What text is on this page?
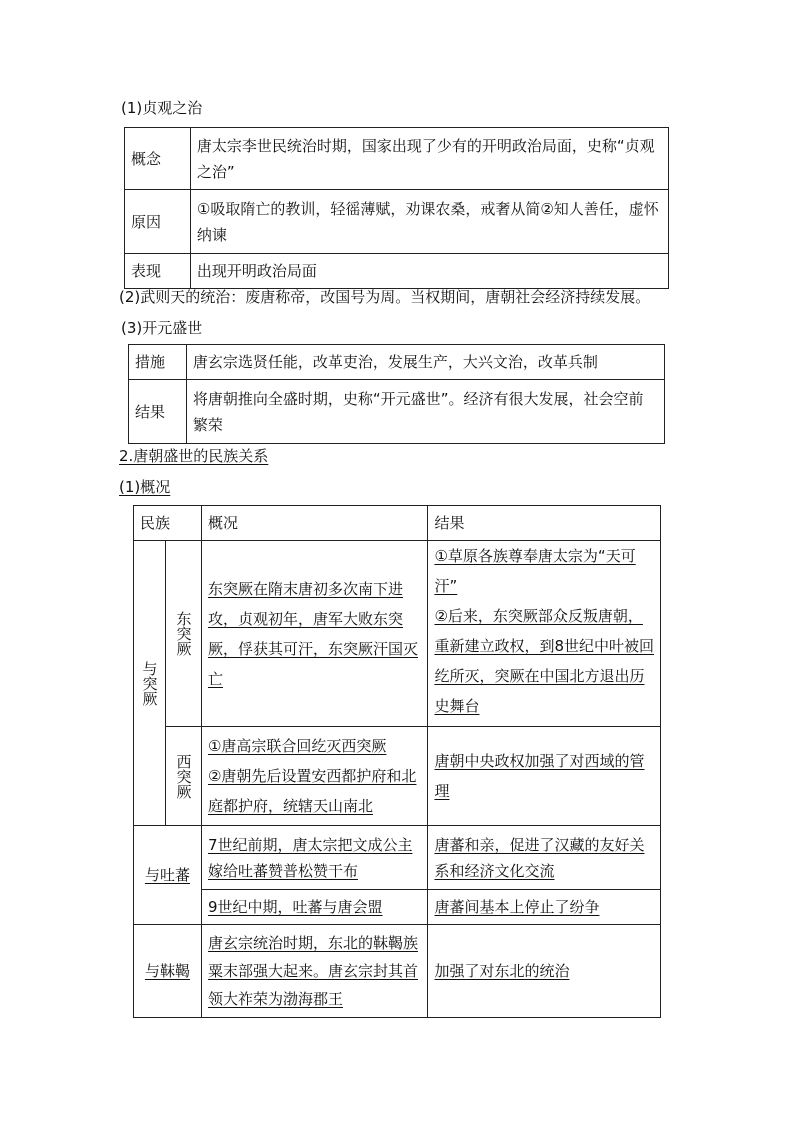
(1)贞观之治
概念	唐太宗李世民统治时期，国家出现了少有的开明政治局面，史称“贞观之治”
原因	①吸取隋亡的教训，轻徭薄赋，劝课农桑，戒奢从简②知人善任，虚怀纳谏
表现	出现开明政治局面
(2)武则天的统治：废唐称帝，改国号为周。当权期间，唐朝社会经济持续发展。
(3)开元盛世
措施	唐玄宗选贤任能，改革吏治，发展生产，大兴文治，改革兵制
结果	将唐朝推向全盛时期，史称“开元盛世”。经济有很大发展，社会空前繁荣
2.唐朝盛世的民族关系
(1)概况
民族		概况	结果
与突厥	东突厥	东突厥在隋末唐初多次南下进攻，贞观初年，唐军大败东突厥，俘获其可汗，东突厥汗国灭亡	①草原各族尊奉唐太宗为“天可汗”
②后来，东突厥部众反叛唐朝，重新建立政权，到8世纪中叶被回纥所灭，突厥在中国北方退出历史舞台

	西突厥	①唐高宗联合回纥灭西突厥
②唐朝先后设置安西都护府和北庭都护府，统辖天山南北	唐朝中央政权加强了对西域的管理
与吐蕃		7世纪前期，唐太宗把文成公主嫁给吐蕃赞普松赞干布	唐蕃和亲，促进了汉藏的友好关系和经济文化交流
		9世纪中期，吐蕃与唐会盟	唐蕃间基本上停止了纷争
与靺鞨		唐玄宗统治时期，东北的靺鞨族粟末部强大起来。唐玄宗封其首领大祚荣为渤海郡王	加强了对东北的统治
